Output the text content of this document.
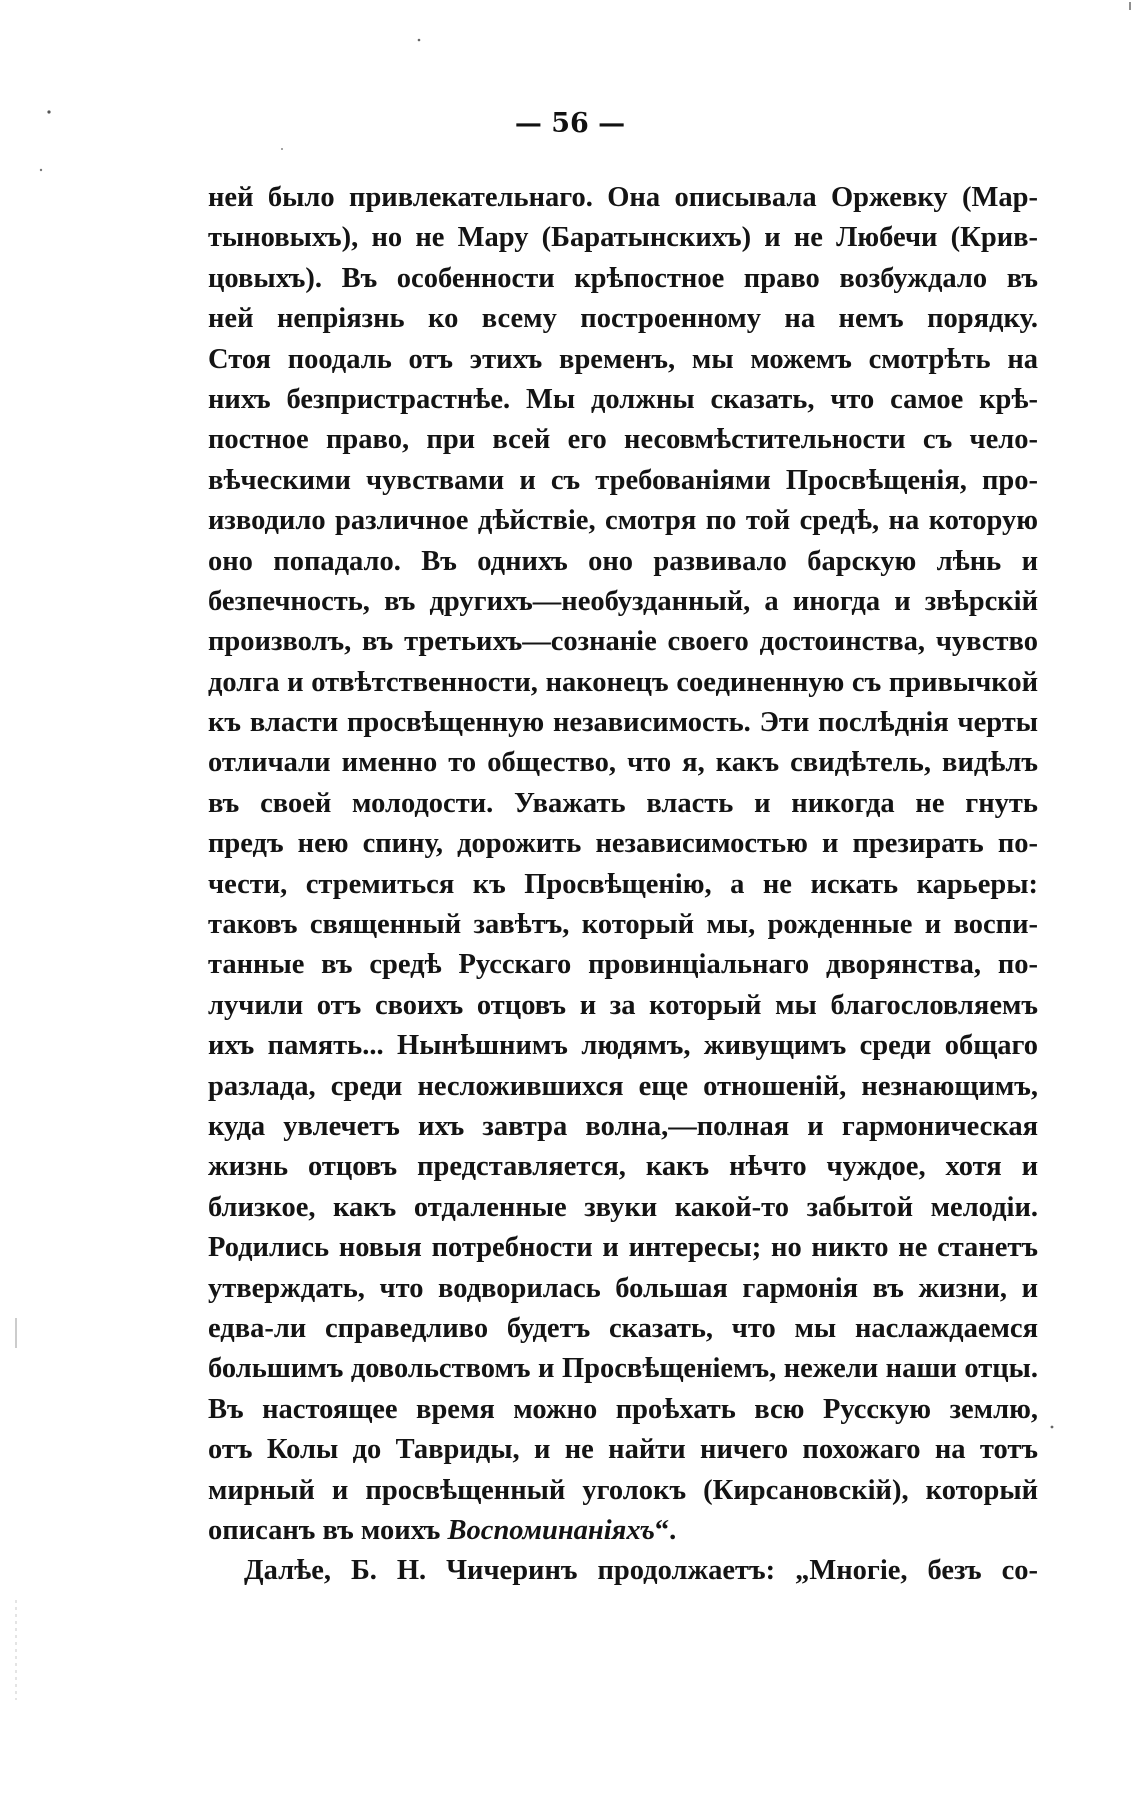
— 56 —
ней было привлекательнаго. Она описывала Оржевку (Мар-
тыновыхъ), но не Мару (Баратынскихъ) и не Любечи (Крив-
цовыхъ). Въ особенности крѣпостное право возбуждало въ
ней непріязнь ко всему построенному на немъ порядку.
Стоя поодаль отъ этихъ временъ, мы можемъ смотрѣть на
нихъ безпристрастнѣе. Мы должны сказать, что самое крѣ-
постное право, при всей его несовмѣстительности съ чело-
вѣческими чувствами и съ требованіями Просвѣщенія, про-
изводило различное дѣйствіе, смотря по той средѣ, на которую
оно попадало. Въ однихъ оно развивало барскую лѣнь и
безпечность, въ другихъ—необузданный, а иногда и звѣрскій
произволъ, въ третьихъ—сознаніе своего достоинства, чувство
долга и отвѣтственности, наконецъ соединенную съ привычкой
къ власти просвѣщенную независимость. Эти послѣднія черты
отличали именно то общество, что я, какъ свидѣтель, видѣлъ
въ своей молодости. Уважать власть и никогда не гнуть
предъ нею спину, дорожить независимостью и презирать по-
чести, стремиться къ Просвѣщенію, а не искать карьеры:
таковъ священный завѣтъ, который мы, рожденные и воспи-
танные въ средѣ Русскаго провинціальнаго дворянства, по-
лучили отъ своихъ отцовъ и за который мы благословляемъ
ихъ память... Нынѣшнимъ людямъ, живущимъ среди общаго
разлада, среди несложившихся еще отношеній, незнающимъ,
куда увлечетъ ихъ завтра волна,—полная и гармоническая
жизнь отцовъ представляется, какъ нѣчто чуждое, хотя и
близкое, какъ отдаленные звуки какой-то забытой мелодіи.
Родились новыя потребности и интересы; но никто не станетъ
утверждать, что водворилась большая гармонія въ жизни, и
едва-ли справедливо будетъ сказать, что мы наслаждаемся
большимъ довольствомъ и Просвѣщеніемъ, нежели наши отцы.
Въ настоящее время можно проѣхать всю Русскую землю,
отъ Колы до Тавриды, и не найти ничего похожаго на тотъ
мирный и просвѣщенный уголокъ (Кирсановскій), который
описанъ въ моихъ Воспоминаніяхъ“.
Далѣе, Б. Н. Чичеринъ продолжаетъ: „Многіе, безъ со-
